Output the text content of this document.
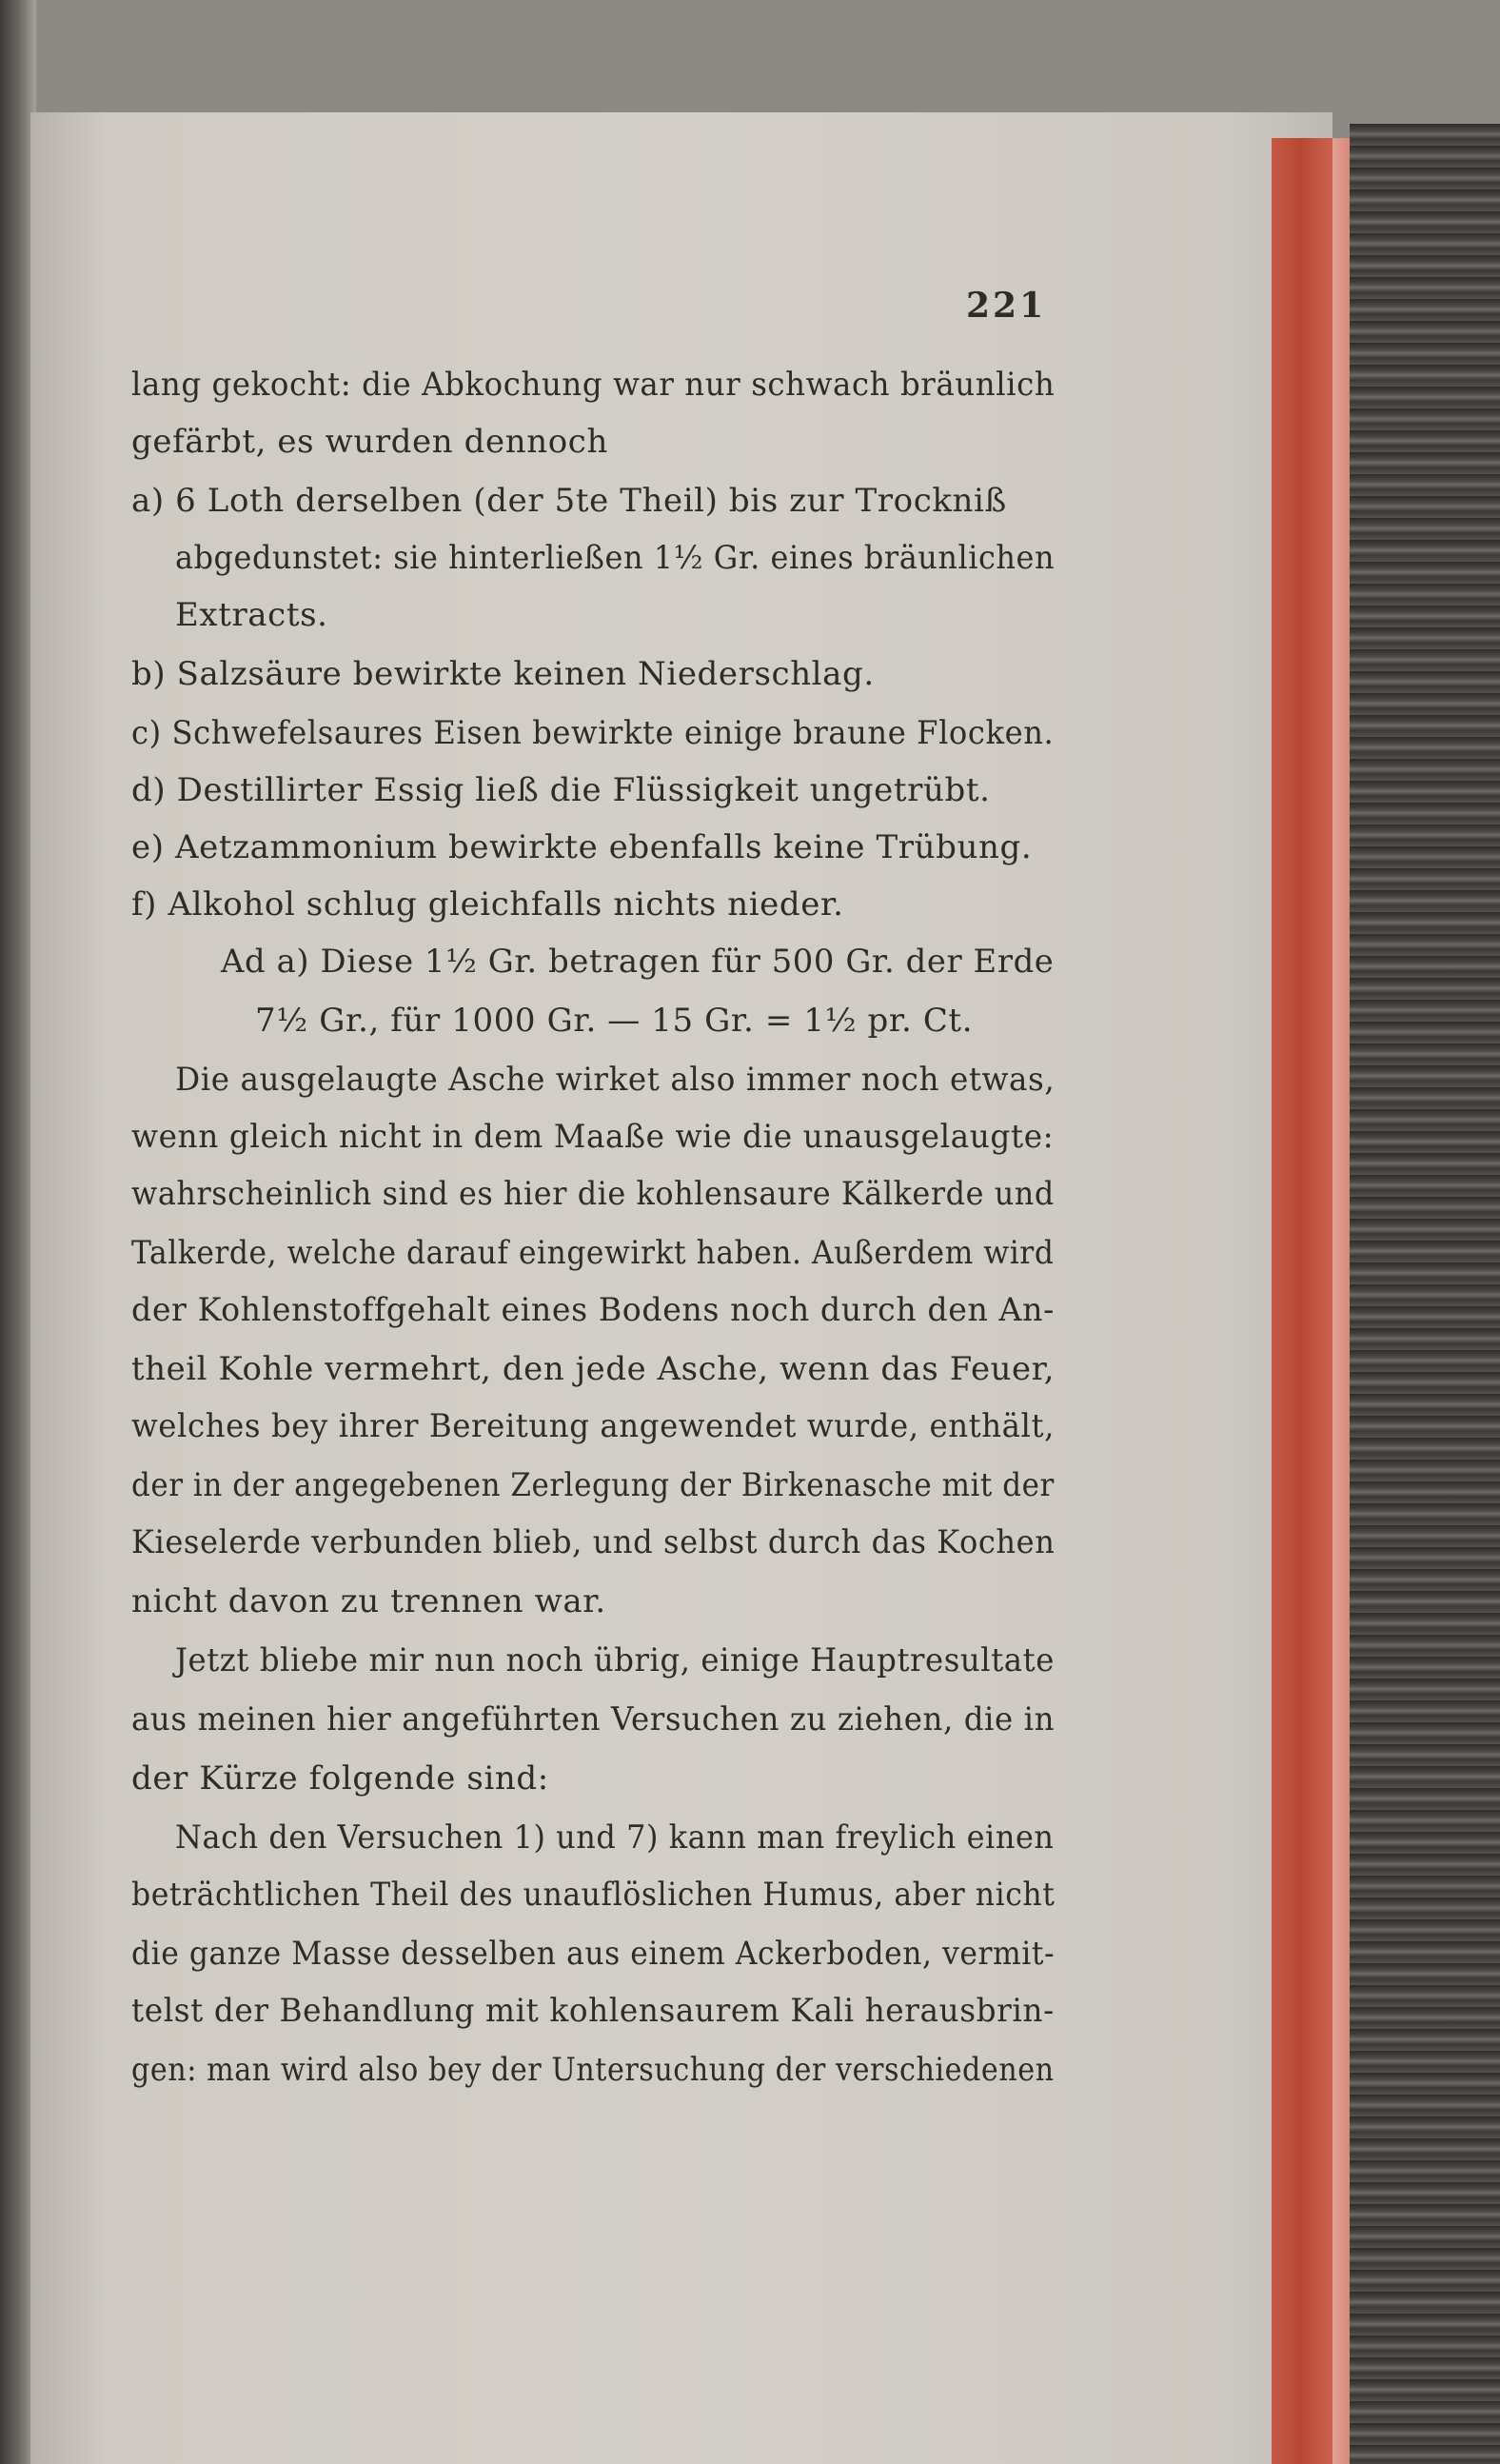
221
lang gekocht: die Abkochung war nur schwach bräunlich
gefärbt, es wurden dennoch
a) 6 Loth derselben (der 5te Theil) bis zur Trockniß
abgedunstet: sie hinterließen 1½ Gr. eines bräunlichen
Extracts.
b) Salzsäure bewirkte keinen Niederschlag.
c) Schwefelsaures Eisen bewirkte einige braune Flocken.
d) Destillirter Essig ließ die Flüssigkeit ungetrübt.
e) Aetzammonium bewirkte ebenfalls keine Trübung.
f) Alkohol schlug gleichfalls nichts nieder.
Ad a) Diese 1½ Gr. betragen für 500 Gr. der Erde
7½ Gr., für 1000 Gr. — 15 Gr. = 1½ pr. Ct.
Die ausgelaugte Asche wirket also immer noch etwas,
wenn gleich nicht in dem Maaße wie die unausgelaugte:
wahrscheinlich sind es hier die kohlensaure Kälkerde und
Talkerde, welche darauf eingewirkt haben. Außerdem wird
der Kohlenstoffgehalt eines Bodens noch durch den An-
theil Kohle vermehrt, den jede Asche, wenn das Feuer,
welches bey ihrer Bereitung angewendet wurde, enthält,
der in der angegebenen Zerlegung der Birkenasche mit der
Kieselerde verbunden blieb, und selbst durch das Kochen
nicht davon zu trennen war.
Jetzt bliebe mir nun noch übrig, einige Hauptresultate
aus meinen hier angeführten Versuchen zu ziehen, die in
der Kürze folgende sind:
Nach den Versuchen 1) und 7) kann man freylich einen
beträchtlichen Theil des unauflöslichen Humus, aber nicht
die ganze Masse desselben aus einem Ackerboden, vermit-
telst der Behandlung mit kohlensaurem Kali herausbrin-
gen: man wird also bey der Untersuchung der verschiedenen
